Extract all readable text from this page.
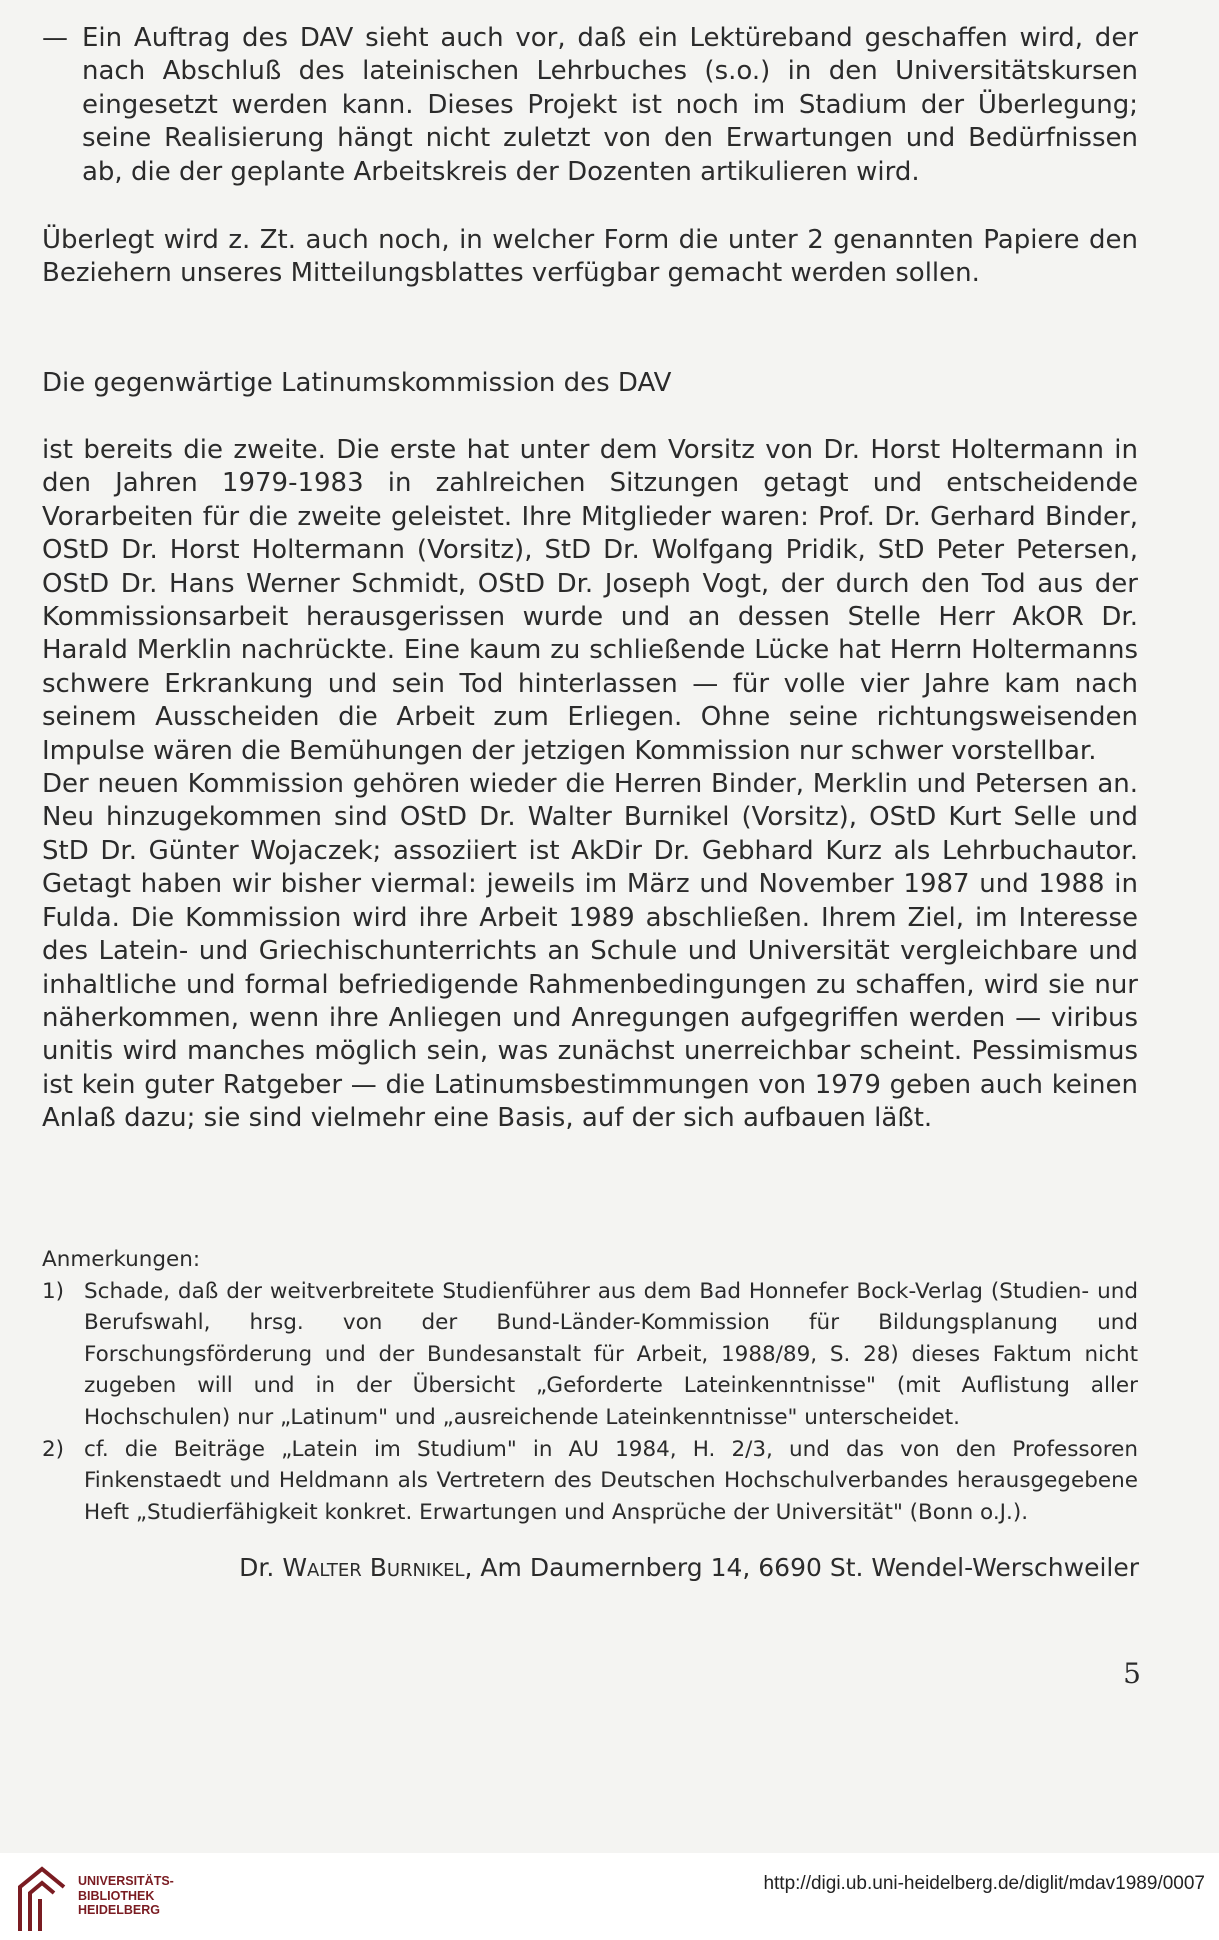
— Ein Auftrag des DAV sieht auch vor, daß ein Lektüreband geschaffen wird, der nach Abschluß des lateinischen Lehrbuches (s.o.) in den Universitätskursen eingesetzt werden kann. Dieses Projekt ist noch im Stadium der Überlegung; seine Realisierung hängt nicht zuletzt von den Erwartungen und Bedürfnissen ab, die der geplante Arbeitskreis der Dozenten artikulieren wird.

Überlegt wird z. Zt. auch noch, in welcher Form die unter 2 genannten Papiere den Beziehern unseres Mitteilungsblattes verfügbar gemacht werden sollen.

Die gegenwärtige Latinumskommission des DAV

ist bereits die zweite. Die erste hat unter dem Vorsitz von Dr. Horst Holtermann in den Jahren 1979-1983 in zahlreichen Sitzungen getagt und entscheidende Vorarbeiten für die zweite geleistet. Ihre Mitglieder waren: Prof. Dr. Gerhard Binder, OStD Dr. Horst Holtermann (Vorsitz), StD Dr. Wolfgang Pridik, StD Peter Petersen, OStD Dr. Hans Werner Schmidt, OStD Dr. Joseph Vogt, der durch den Tod aus der Kommissionsarbeit herausgerissen wurde und an dessen Stelle Herr AkOR Dr. Harald Merklin nachrückte. Eine kaum zu schließende Lücke hat Herrn Holtermanns schwere Erkrankung und sein Tod hinterlassen — für volle vier Jahre kam nach seinem Ausscheiden die Arbeit zum Erliegen. Ohne seine richtungsweisenden Impulse wären die Bemühungen der jetzigen Kommission nur schwer vorstellbar.

Der neuen Kommission gehören wieder die Herren Binder, Merklin und Petersen an. Neu hinzugekommen sind OStD Dr. Walter Burnikel (Vorsitz), OStD Kurt Selle und StD Dr. Günter Wojaczek; assoziiert ist AkDir Dr. Gebhard Kurz als Lehrbuchautor. Getagt haben wir bisher viermal: jeweils im März und November 1987 und 1988 in Fulda. Die Kommission wird ihre Arbeit 1989 abschließen. Ihrem Ziel, im Interesse des Latein- und Griechischunterrichts an Schule und Universität vergleichbare und inhaltliche und formal befriedigende Rahmenbedingungen zu schaffen, wird sie nur näherkommen, wenn ihre Anliegen und Anregungen aufgegriffen werden — viribus unitis wird manches möglich sein, was zunächst unerreichbar scheint. Pessimismus ist kein guter Ratgeber — die Latinumsbestimmungen von 1979 geben auch keinen Anlaß dazu; sie sind vielmehr eine Basis, auf der sich aufbauen läßt.

Anmerkungen:

1) Schade, daß der weitverbreitete Studienführer aus dem Bad Honnefer Bock-Verlag (Studien- und Berufswahl, hrsg. von der Bund-Länder-Kommission für Bildungsplanung und Forschungsförderung und der Bundesanstalt für Arbeit, 1988/89, S. 28) dieses Faktum nicht zugeben will und in der Übersicht „Geforderte Lateinkenntnisse" (mit Auflistung aller Hochschulen) nur „Latinum" und „ausreichende Lateinkenntnisse" unterscheidet.
2) cf. die Beiträge „Latein im Studium" in AU 1984, H. 2/3, und das von den Professoren Finkenstaedt und Heldmann als Vertretern des Deutschen Hochschulverbandes herausgegebene Heft „Studierfähigkeit konkret. Erwartungen und Ansprüche der Universität" (Bonn o.J.).
Dr. Walter Burnikel, Am Daumernberg 14, 6690 St. Wendel-Werschweiler
5
UNIVERSITÄTS-
BIBLIOTHEK
HEIDELBERG
http://digi.ub.uni-heidelberg.de/diglit/mdav1989/0007
